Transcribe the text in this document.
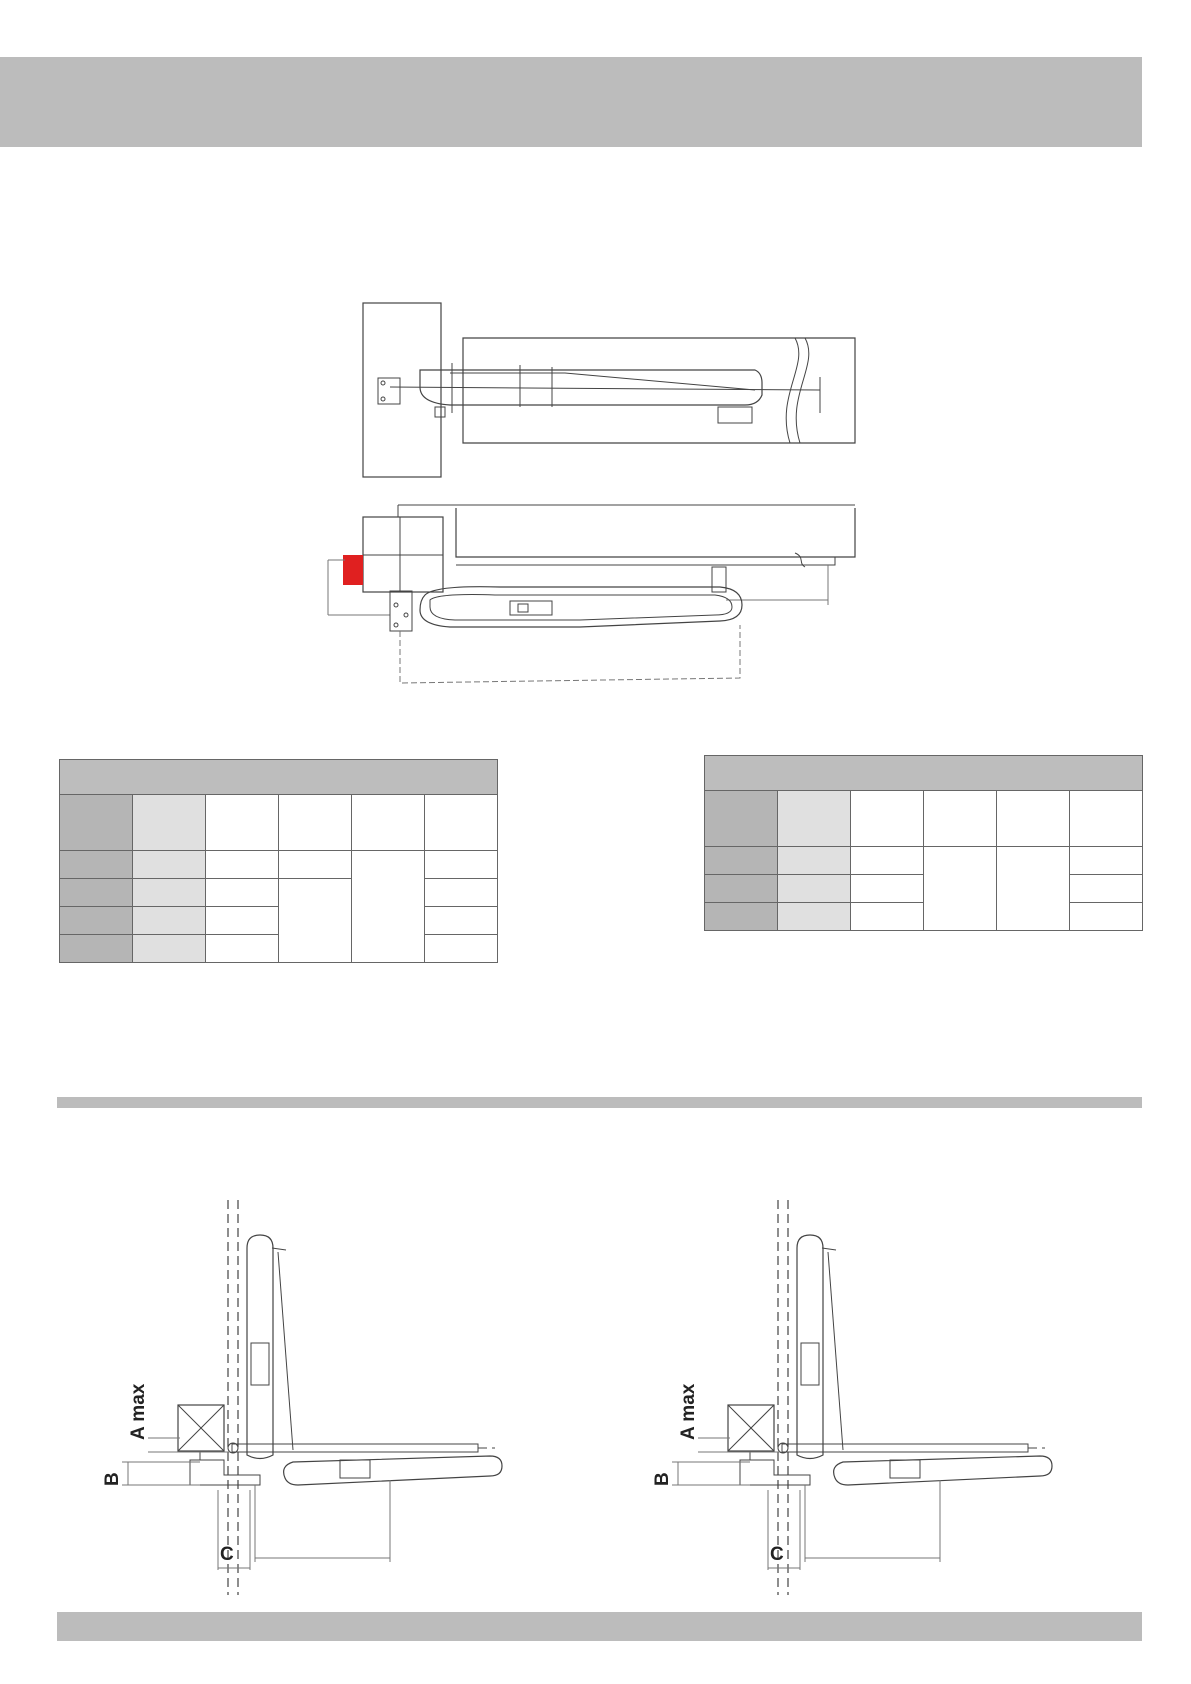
A max
B
C
A max
B
C
